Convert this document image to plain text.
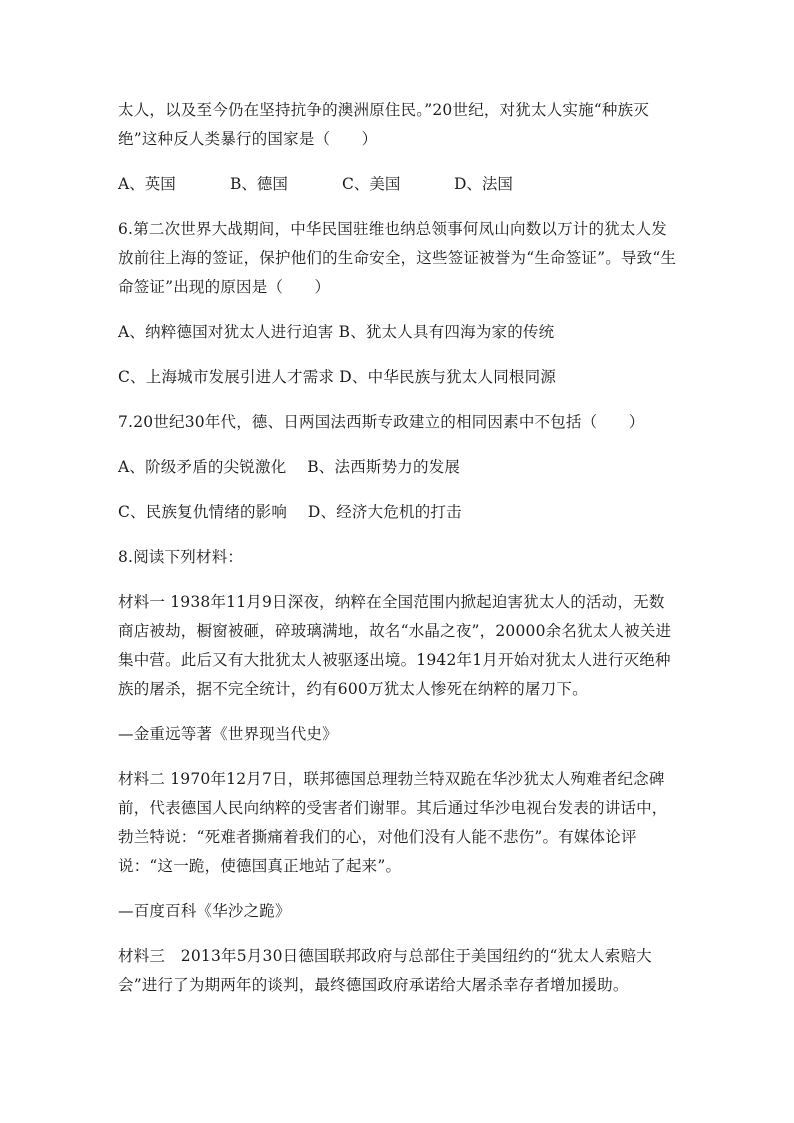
太人，以及至今仍在坚持抗争的澳洲原住民。”20世纪，对犹太人实施“种族灭绝”这种反人类暴行的国家是（　　）

A、英国	B、德国	C、美国	D、法国

6.第二次世界大战期间，中华民国驻维也纳总领事何凤山向数以万计的犹太人发放前往上海的签证，保护他们的生命安全，这些签证被誉为“生命签证”。导致“生命签证”出现的原因是（　　）

A、纳粹德国对犹太人进行迫害 B、犹太人具有四海为家的传统

C、上海城市发展引进人才需求 D、中华民族与犹太人同根同源

7.20世纪30年代，德、日两国法西斯专政建立的相同因素中不包括（　　）

A、阶级矛盾的尖锐激化　 B、法西斯势力的发展

C、民族复仇情绪的影响　 D、经济大危机的打击

8.阅读下列材料：

材料一 1938年11月9日深夜，纳粹在全国范围内掀起迫害犹太人的活动，无数商店被劫，橱窗被砸，碎玻璃满地，故名“水晶之夜”，20000余名犹太人被关进集中营。此后又有大批犹太人被驱逐出境。1942年1月开始对犹太人进行灭绝种族的屠杀，据不完全统计，约有600万犹太人惨死在纳粹的屠刀下。

—金重远等著《世界现当代史》

材料二 1970年12月7日，联邦德国总理勃兰特双跪在华沙犹太人殉难者纪念碑前，代表德国人民向纳粹的受害者们谢罪。其后通过华沙电视台发表的讲话中，勃兰特说：“死难者撕痛着我们的心，对他们没有人能不悲伤”。有媒体论评说：“这一跪，使德国真正地站了起来”。

—百度百科《华沙之跪》

材料三　2013年5月30日德国联邦政府与总部住于美国纽约的“犹太人索赔大会”进行了为期两年的谈判，最终德国政府承诺给大屠杀幸存者增加援助。
